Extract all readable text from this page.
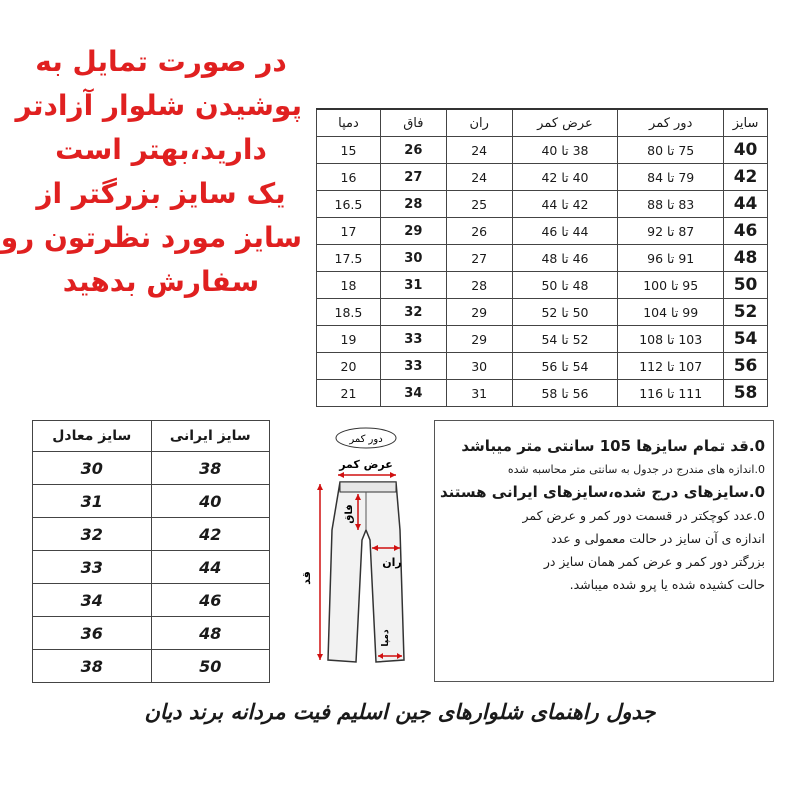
در صورت تمایل به
پوشیدن شلوار آزادتر
دارید،بهتر است
یک سایز بزرگتر از
سایز مورد نظرتون رو
سفارش بدهید
سایز	دور کمر	عرض کمر	ران	فاق	دمپا
40	75 تا 80	38 تا 40	24	26	15
42	79 تا 84	40 تا 42	24	27	16
44	83 تا 88	42 تا 44	25	28	16.5
46	87 تا 92	44 تا 46	26	29	17
48	91 تا 96	46 تا 48	27	30	17.5
50	95 تا 100	48 تا 50	28	31	18
52	99 تا 104	50 تا 52	29	32	18.5
54	103 تا 108	52 تا 54	29	33	19
56	107 تا 112	54 تا 56	30	33	20
58	111 تا 116	56 تا 58	31	34	21
سایز ایرانی	سایز معادل
38	30
40	31
42	32
44	33
46	34
48	36
50	38
دور کمر
عرض کمر
قد
فاق
ران
دمپا
0.قد تمام سایزها 105 سانتی متر میباشد
0.اندازه های مندرج در جدول به سانتی متر محاسبه شده
0.سایزهای درج شده،سایزهای ایرانی هستند
0.عدد کوچکتر در قسمت دور کمر و عرض کمر
اندازه ی آن سایز در حالت معمولی و عدد
بزرگتر دور کمر و عرض کمر همان سایز در
حالت کشیده شده یا پرو شده میباشد.
جدول راهنمای شلوارهای جین اسلیم فیت مردانه برند دیان
